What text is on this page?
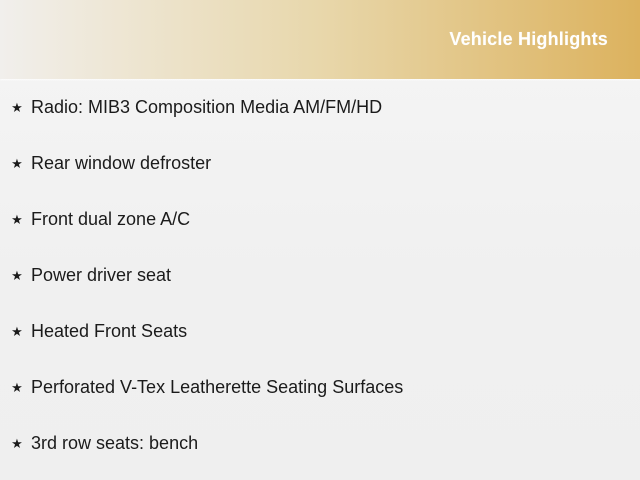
Vehicle Highlights
★ Radio: MIB3 Composition Media AM/FM/HD
★ Rear window defroster
★ Front dual zone A/C
★ Power driver seat
★ Heated Front Seats
★ Perforated V-Tex Leatherette Seating Surfaces
★ 3rd row seats: bench
